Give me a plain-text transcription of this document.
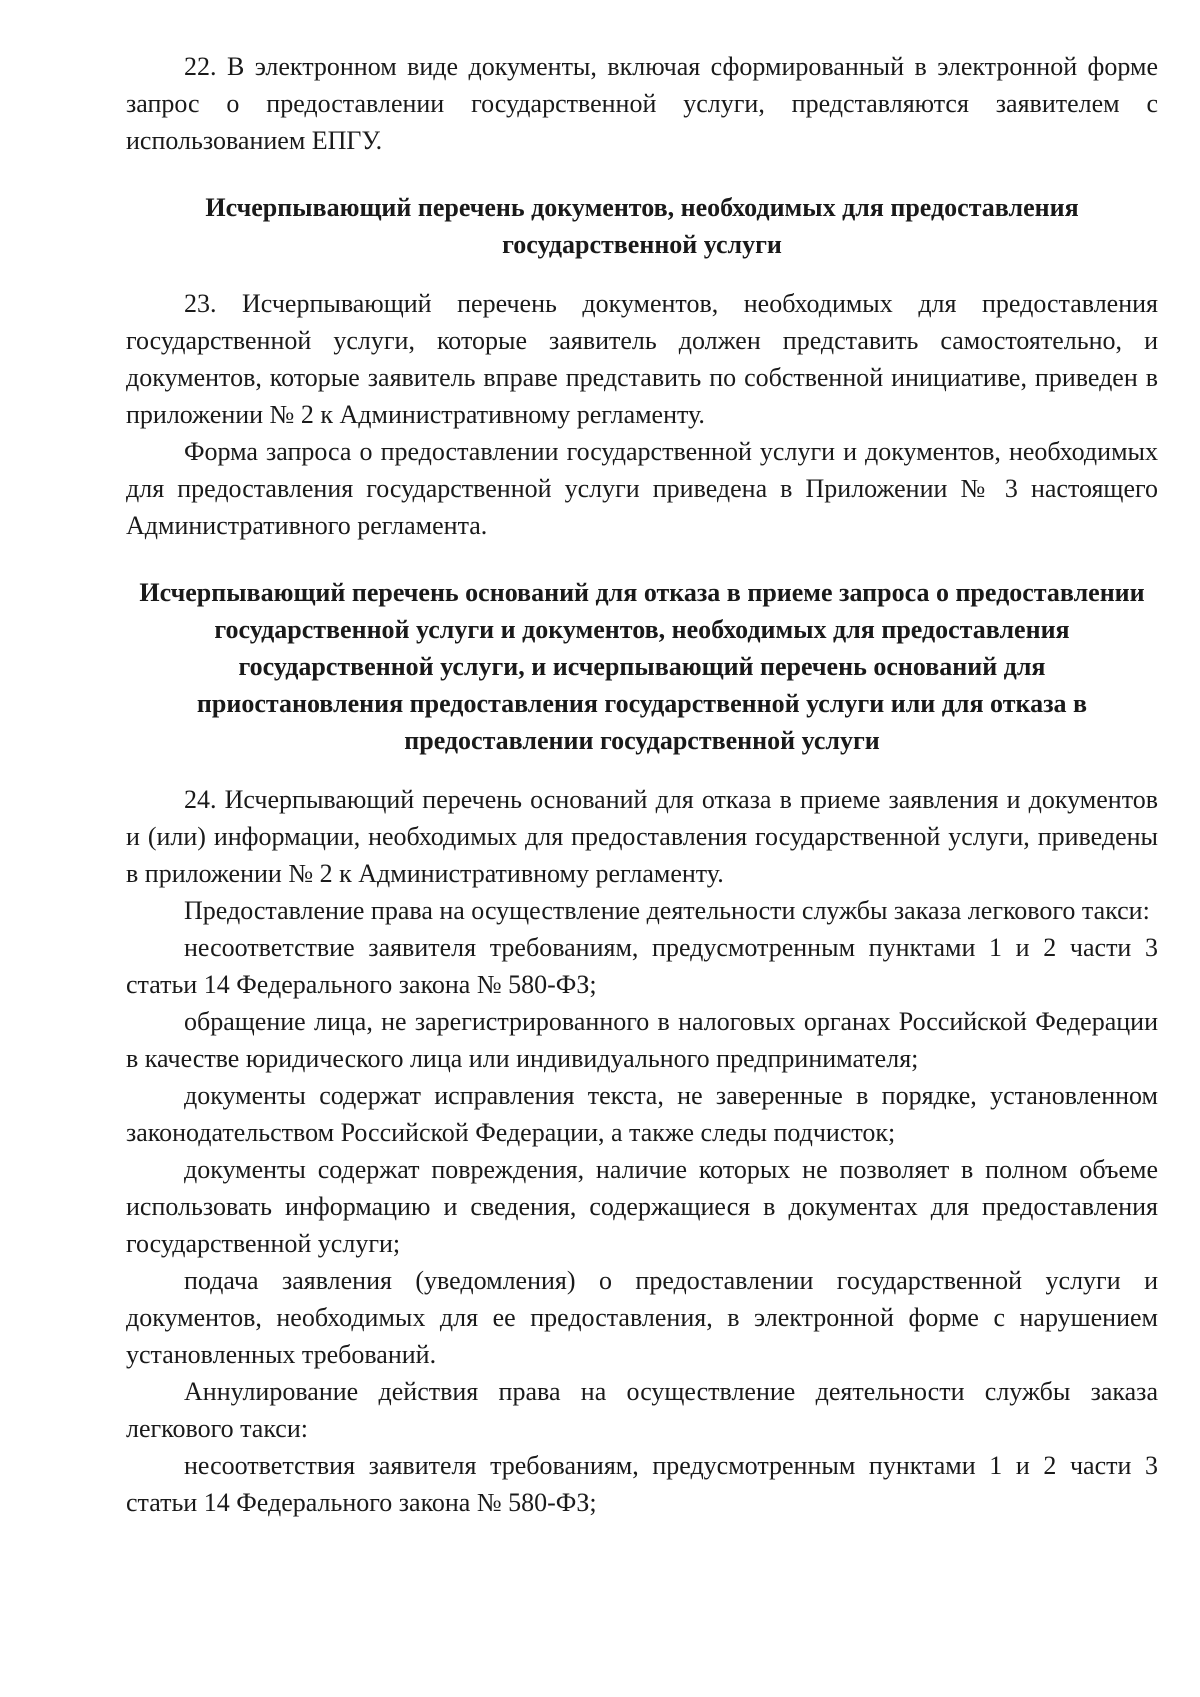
22. В электронном виде документы, включая сформированный в электронной форме запрос о предоставлении государственной услуги, представляются заявителем с использованием ЕПГУ.

Исчерпывающий перечень документов, необходимых для предоставления государственной услуги

23. Исчерпывающий перечень документов, необходимых для предоставления государственной услуги, которые заявитель должен представить самостоятельно, и документов, которые заявитель вправе представить по собственной инициативе, приведен в приложении № 2 к Административному регламенту.

Форма запроса о предоставлении государственной услуги и документов, необходимых для предоставления государственной услуги приведена в Приложении № 3 настоящего Административного регламента.

Исчерпывающий перечень оснований для отказа в приеме запроса о предоставлении государственной услуги и документов, необходимых для предоставления государственной услуги, и исчерпывающий перечень оснований для приостановления предоставления государственной услуги или для отказа в предоставлении государственной услуги

24. Исчерпывающий перечень оснований для отказа в приеме заявления и документов и (или) информации, необходимых для предоставления государственной услуги, приведены в приложении № 2 к Административному регламенту.

Предоставление права на осуществление деятельности службы заказа легкового такси:

несоответствие заявителя требованиям, предусмотренным пунктами 1 и 2 части 3 статьи 14 Федерального закона № 580-ФЗ;

обращение лица, не зарегистрированного в налоговых органах Российской Федерации в качестве юридического лица или индивидуального предпринимателя;

документы содержат исправления текста, не заверенные в порядке, установленном законодательством Российской Федерации, а также следы подчисток;

документы содержат повреждения, наличие которых не позволяет в полном объеме использовать информацию и сведения, содержащиеся в документах для предоставления государственной услуги;

подача заявления (уведомления) о предоставлении государственной услуги и документов, необходимых для ее предоставления, в электронной форме с нарушением установленных требований.

Аннулирование действия права на осуществление деятельности службы заказа легкового такси:

несоответствия заявителя требованиям, предусмотренным пунктами 1 и 2 части 3 статьи 14 Федерального закона № 580-ФЗ;
